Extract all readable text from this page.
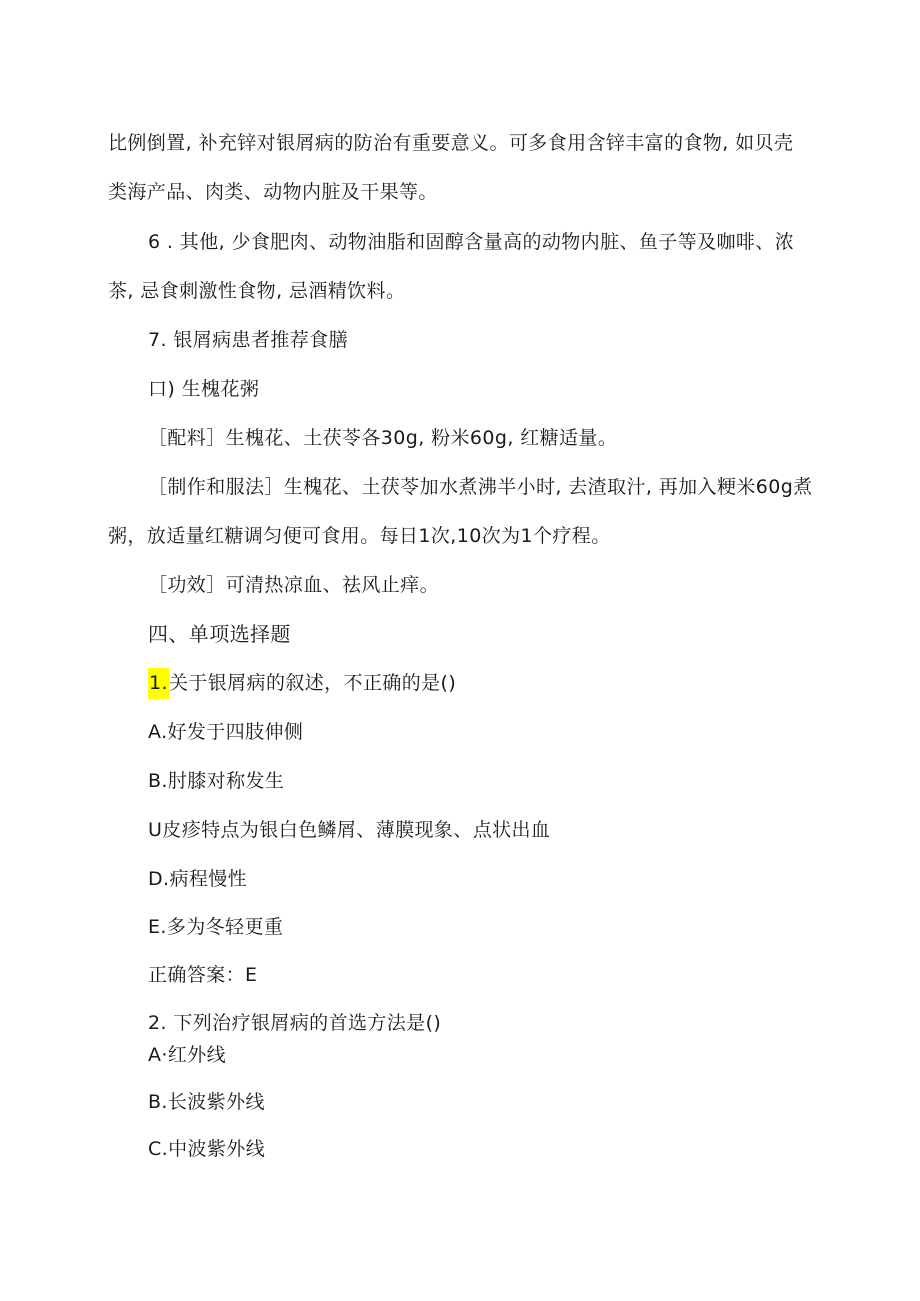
比例倒置, 补充锌对银屑病的防治有重要意义。可多食用含锌丰富的食物, 如贝壳
类海产品、肉类、动物内脏及干果等。
6 . 其他, 少食肥肉、动物油脂和固醇含量高的动物内脏、鱼子等及咖啡、浓
茶, 忌食刺激性食物, 忌酒精饮料。
7. 银屑病患者推荐食膳
口) 生槐花粥
［配料］生槐花、土茯苓各30g, 粉米60g, 红糖适量。
［制作和服法］生槐花、土茯苓加水煮沸半小时, 去渣取汁, 再加入粳米60g煮
粥，放适量红糖调匀便可食用。每日1次,10次为1个疗程。
［功效］可清热凉血、祛风止痒。
四、单项选择题
1.关于银屑病的叙述，不正确的是()
A.好发于四肢伸侧
B.肘膝对称发生
U皮疹特点为银白色鳞屑、薄膜现象、点状出血
D.病程慢性
E.多为冬轻更重
正确答案：E
2. 下列治疗银屑病的首选方法是()
A·红外线
B.长波紫外线
C.中波紫外线
